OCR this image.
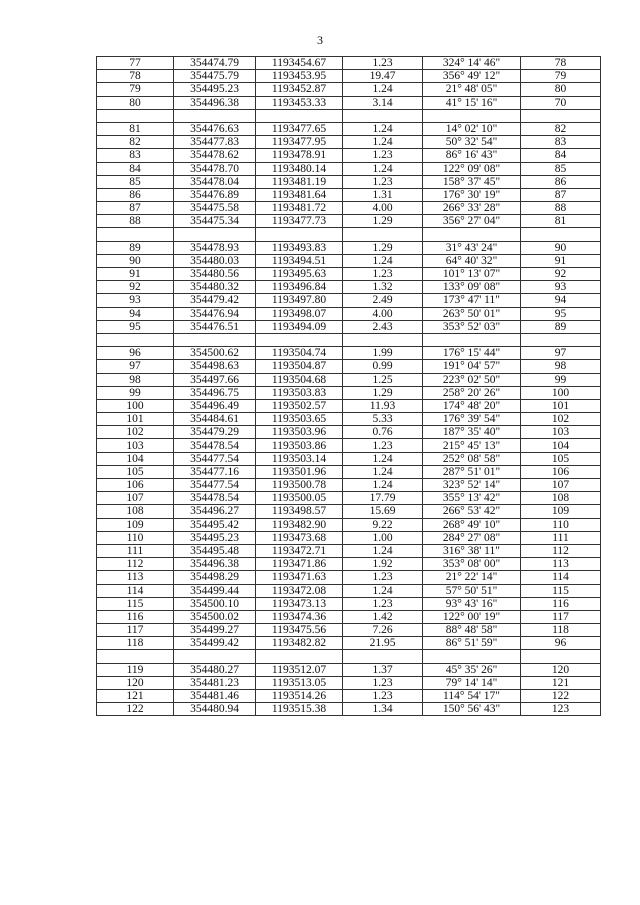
3
77	354474.79	1193454.67	1.23	324° 14' 46"	78
78	354475.79	1193453.95	19.47	356° 49' 12"	79
79	354495.23	1193452.87	1.24	21° 48' 05"	80
80	354496.38	1193453.33	3.14	41° 15' 16"	70

81	354476.63	1193477.65	1.24	14° 02' 10"	82
82	354477.83	1193477.95	1.24	50° 32' 54"	83
83	354478.62	1193478.91	1.23	86° 16' 43"	84
84	354478.70	1193480.14	1.24	122° 09' 08"	85
85	354478.04	1193481.19	1.23	158° 37' 45"	86
86	354476.89	1193481.64	1.31	176° 30' 19"	87
87	354475.58	1193481.72	4.00	266° 33' 28"	88
88	354475.34	1193477.73	1.29	356° 27' 04"	81

89	354478.93	1193493.83	1.29	31° 43' 24"	90
90	354480.03	1193494.51	1.24	64° 40' 32"	91
91	354480.56	1193495.63	1.23	101° 13' 07"	92
92	354480.32	1193496.84	1.32	133° 09' 08"	93
93	354479.42	1193497.80	2.49	173° 47' 11"	94
94	354476.94	1193498.07	4.00	263° 50' 01"	95
95	354476.51	1193494.09	2.43	353° 52' 03"	89

96	354500.62	1193504.74	1.99	176° 15' 44"	97
97	354498.63	1193504.87	0.99	191° 04' 57"	98
98	354497.66	1193504.68	1.25	223° 02' 50"	99
99	354496.75	1193503.83	1.29	258° 20' 26"	100
100	354496.49	1193502.57	11.93	174° 48' 20"	101
101	354484.61	1193503.65	5.33	176° 39' 54"	102
102	354479.29	1193503.96	0.76	187° 35' 40"	103
103	354478.54	1193503.86	1.23	215° 45' 13"	104
104	354477.54	1193503.14	1.24	252° 08' 58"	105
105	354477.16	1193501.96	1.24	287° 51' 01"	106
106	354477.54	1193500.78	1.24	323° 52' 14"	107
107	354478.54	1193500.05	17.79	355° 13' 42"	108
108	354496.27	1193498.57	15.69	266° 53' 42"	109
109	354495.42	1193482.90	9.22	268° 49' 10"	110
110	354495.23	1193473.68	1.00	284° 27' 08"	111
111	354495.48	1193472.71	1.24	316° 38' 11"	112
112	354496.38	1193471.86	1.92	353° 08' 00"	113
113	354498.29	1193471.63	1.23	21° 22' 14"	114
114	354499.44	1193472.08	1.24	57° 50' 51"	115
115	354500.10	1193473.13	1.23	93° 43' 16"	116
116	354500.02	1193474.36	1.42	122° 00' 19"	117
117	354499.27	1193475.56	7.26	88° 48' 58"	118
118	354499.42	1193482.82	21.95	86° 51' 59"	96

119	354480.27	1193512.07	1.37	45° 35' 26"	120
120	354481.23	1193513.05	1.23	79° 14' 14"	121
121	354481.46	1193514.26	1.23	114° 54' 17"	122
122	354480.94	1193515.38	1.34	150° 56' 43"	123
